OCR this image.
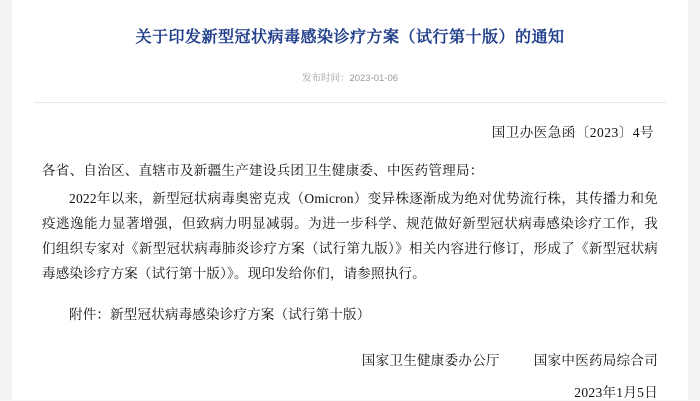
关于印发新型冠状病毒感染诊疗方案（试行第十版）的通知
发布时间：2023-01-06
国卫办医急函〔2023〕4号
各省、自治区、直辖市及新疆生产建设兵团卫生健康委、中医药管理局：
2022年以来，新型冠状病毒奥密克戎（Omicron）变异株逐渐成为绝对优势流行株，其传播力和免疫逃逸能力显著增强，但致病力明显减弱。为进一步科学、规范做好新型冠状病毒感染诊疗工作，我们组织专家对《新型冠状病毒肺炎诊疗方案（试行第九版）》相关内容进行修订，形成了《新型冠状病毒感染诊疗方案（试行第十版）》。现印发给你们，请参照执行。
附件：新型冠状病毒感染诊疗方案（试行第十版）
国家卫生健康委办公厅	国家中医药局综合司
2023年1月5日
